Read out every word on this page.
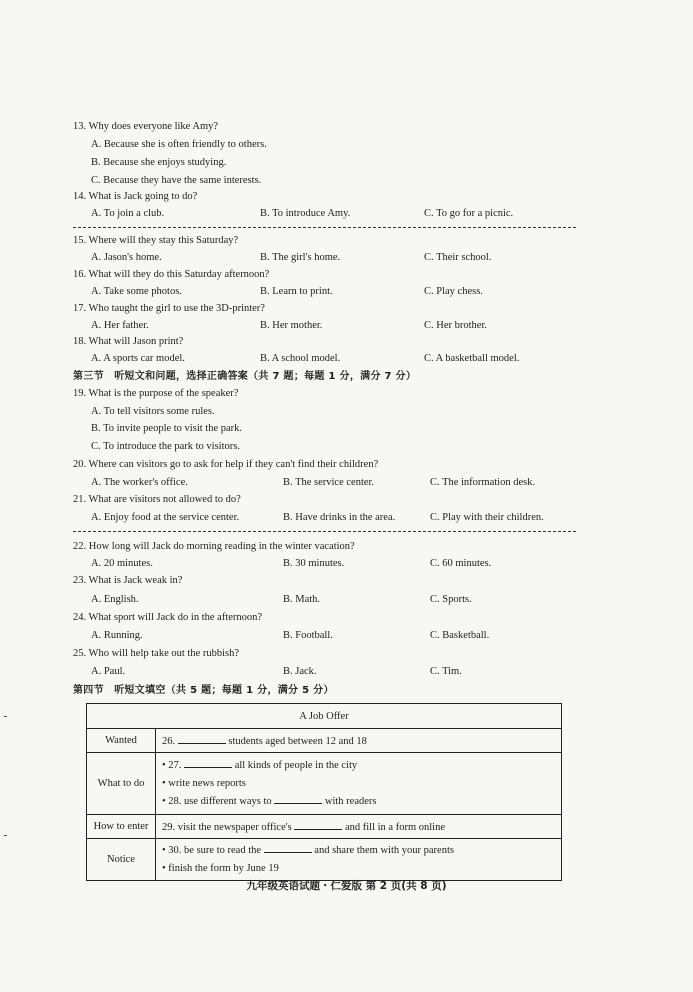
13. Why does everyone like Amy?
A. Because she is often friendly to others.
B. Because she enjoys studying.
C. Because they have the same interests.
14. What is Jack going to do?
A. To join a club.	B. To introduce Amy.	C. To go for a picnic.
15. Where will they stay this Saturday?
A. Jason's home.	B. The girl's home.	C. Their school.
16. What will they do this Saturday afternoon?
A. Take some photos.	B. Learn to print.	C. Play chess.
17. Who taught the girl to use the 3D-printer?
A. Her father.	B. Her mother.	C. Her brother.
18. What will Jason print?
A. A sports car model.	B. A school model.	C. A basketball model.
第三节　听短文和问题，选择正确答案（共 7 题；每题 1 分，满分 7 分）
19. What is the purpose of the speaker?
A. To tell visitors some rules.
B. To invite people to visit the park.
C. To introduce the park to visitors.
20. Where can visitors go to ask for help if they can't find their children?
A. The worker's office.	B. The service center.	C. The information desk.
21. What are visitors not allowed to do?
A. Enjoy food at the service center.	B. Have drinks in the area.	C. Play with their children.
22. How long will Jack do morning reading in the winter vacation?
A. 20 minutes.	B. 30 minutes.	C. 60 minutes.
23. What is Jack weak in?
A. English.	B. Math.	C. Sports.
24. What sport will Jack do in the afternoon?
A. Running.	B. Football.	C. Basketball.
25. Who will help take out the rubbish?
A. Paul.	B. Jack.	C. Tim.
第四节　听短文填空（共 5 题；每题 1 分，满分 5 分）
A Job Offer	
Wanted	26. students aged between 12 and 18
What to do	• 27. all kinds of people in the city
• write news reports
• 28. use different ways to with readers

How to enter	29. visit the newspaper office's and fill in a form online
Notice	• 30. be sure to read the and share them with your parents
• finish the form by June 19
九年级英语试题・仁爱版 第 2 页(共 8 页)
